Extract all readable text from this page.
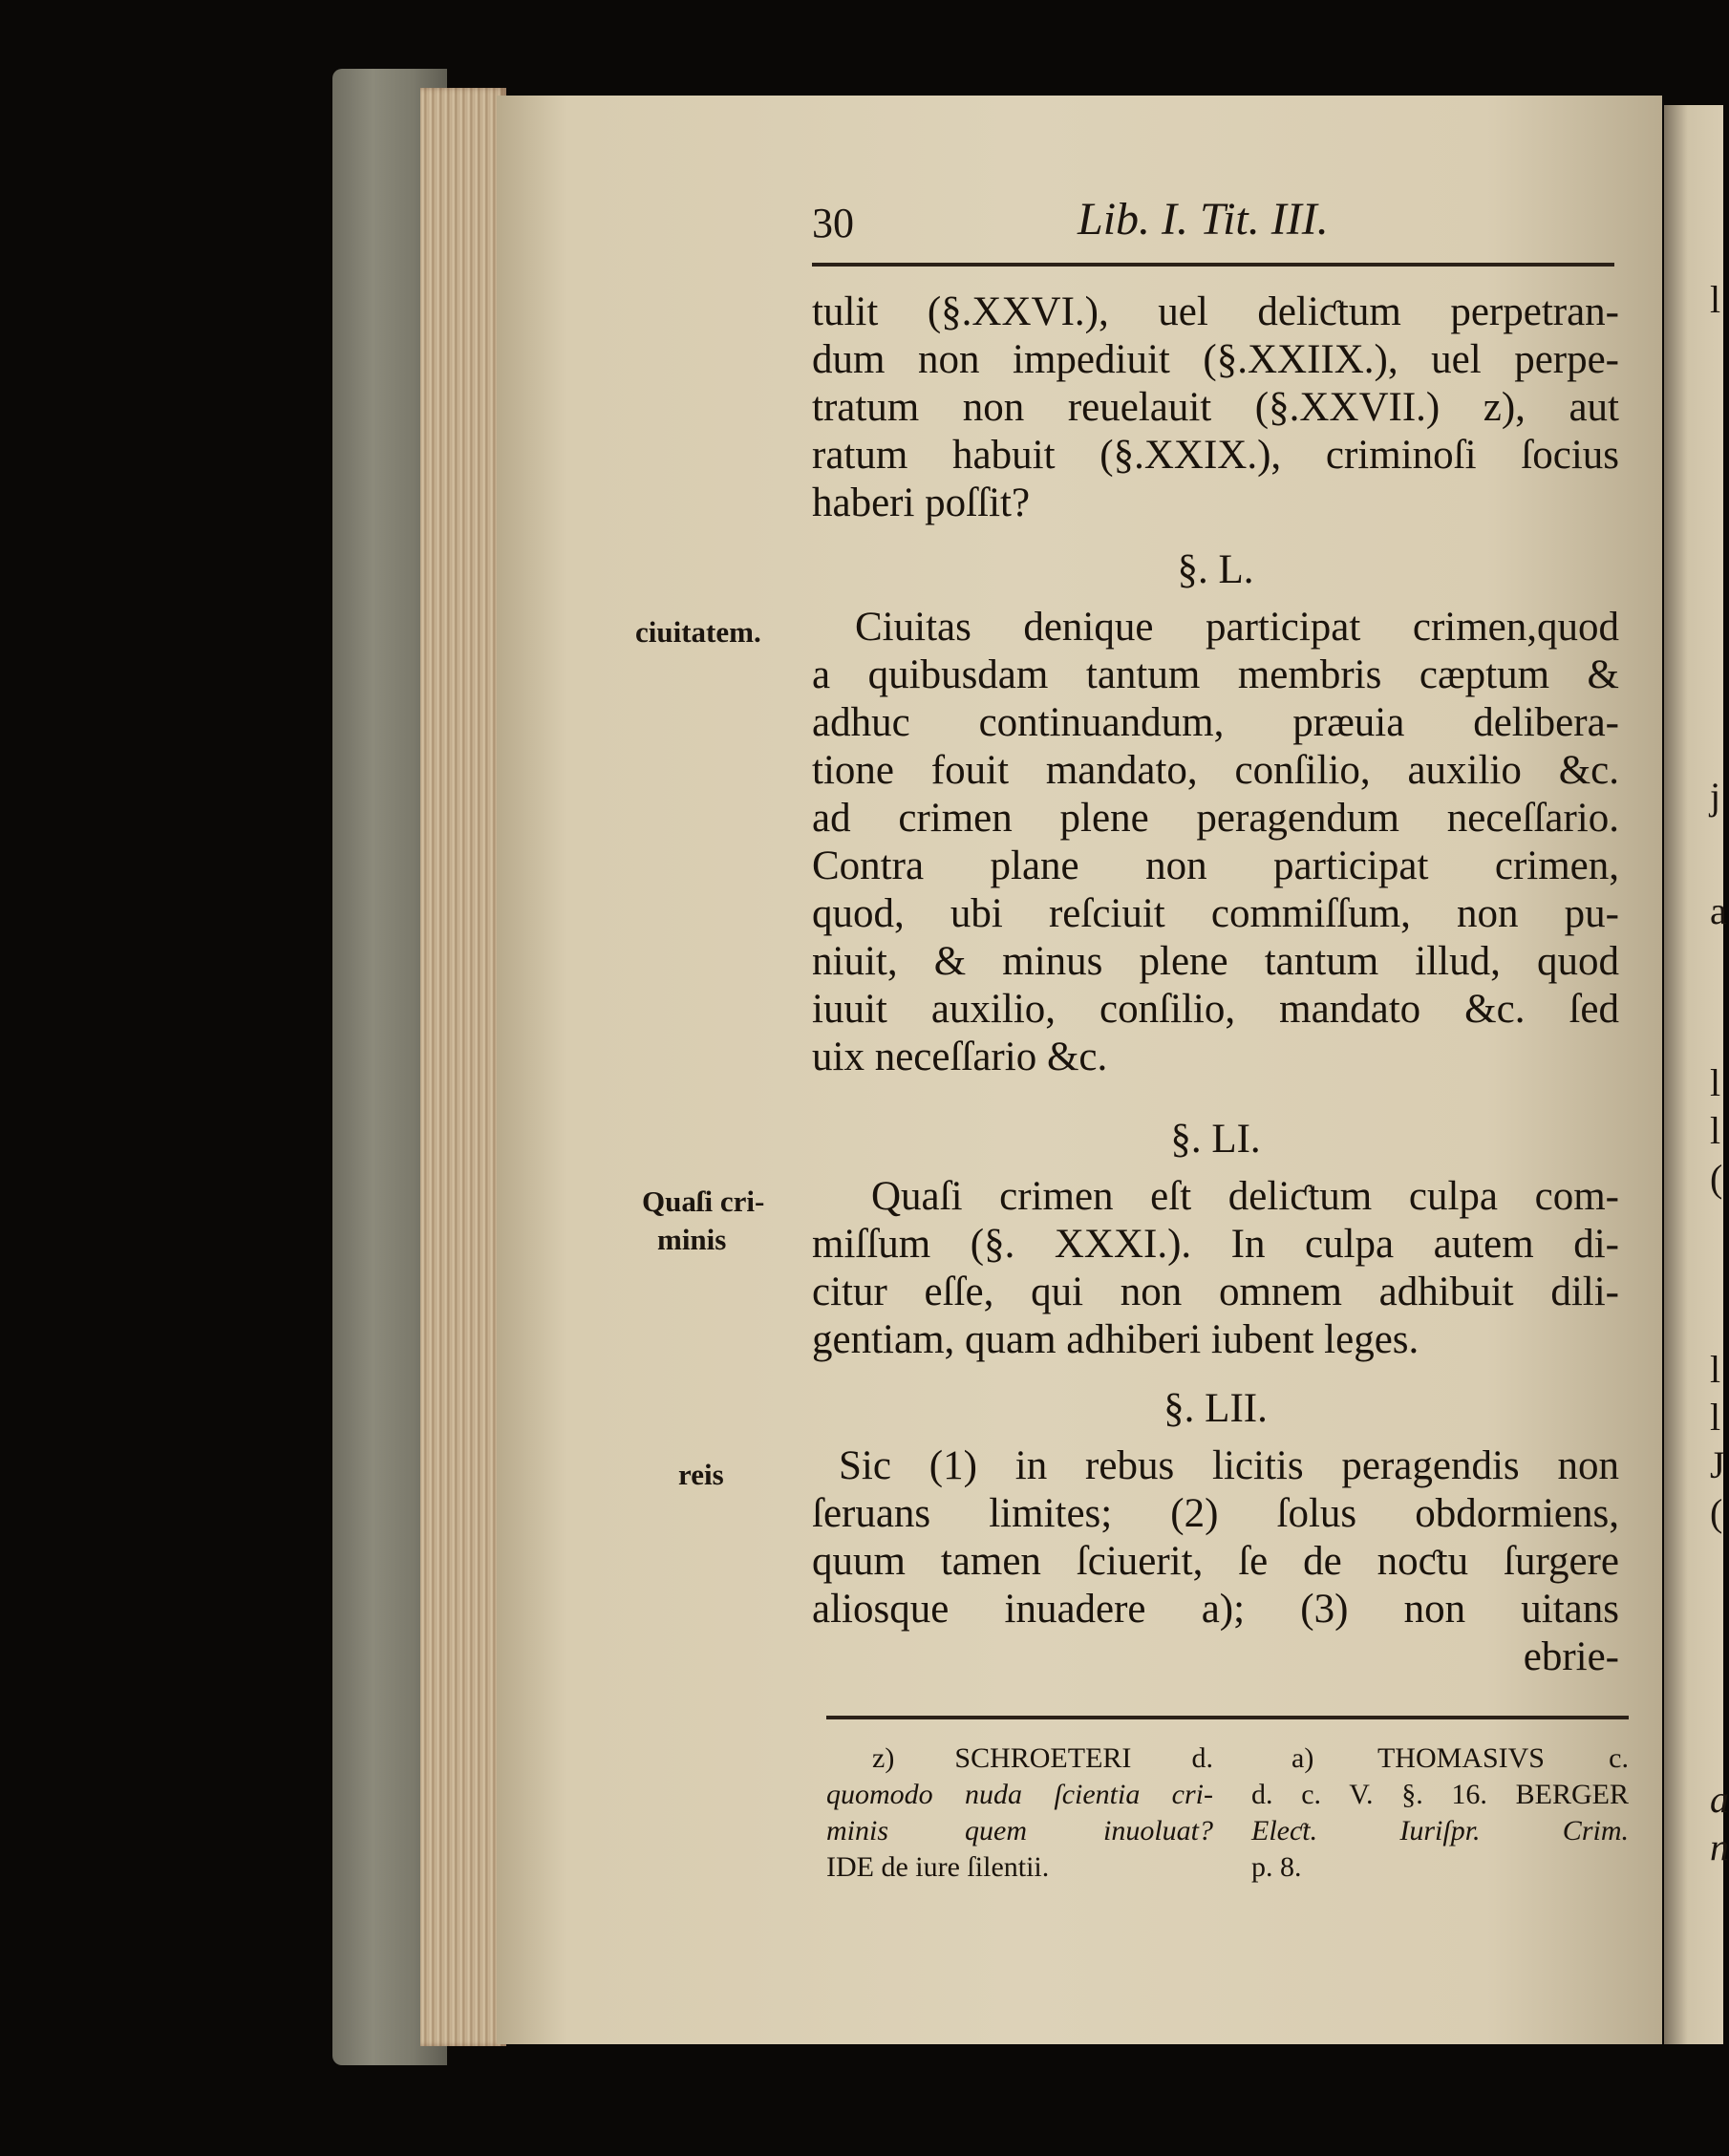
l
j
a
l
l
(
l
l
J
(
a
n
30	Lib. I. Tit. III.
tulit (§.XXVI.), uel deliƈtum perpetran-
dum non impediuit (§.XXIIX.), uel perpe-
tratum non reuelauit (§.XXVII.) z), aut
ratum habuit (§.XXIX.), criminoſi ſocius
haberi poſſit?
§. L.
ciuitatem.	Ciuitas denique participat crimen,quod
a quibusdam tantum membris cæptum &
adhuc continuandum, præuia delibera-
tione fouit mandato, conſilio, auxilio &c.
ad crimen plene peragendum neceſſario.
Contra plane non participat crimen,
quod, ubi reſciuit commiſſum, non pu-
niuit, & minus plene tantum illud, quod
iuuit auxilio, conſilio, mandato &c. ſed
uix neceſſario &c.
§. LI.
Quaſi cri-
minis
Quaſi crimen eſt deliƈtum culpa com-
miſſum (§. XXXI.). In culpa autem di-
citur eſſe, qui non omnem adhibuit dili-
gentiam, quam adhiberi iubent leges.
§. LII.
reis	Sic (1) in rebus licitis peragendis non
ſeruans limites; (2) ſolus obdormiens,
quum tamen ſciuerit, ſe de noƈtu ſurgere
aliosque inuadere a); (3) non uitans
ebrie-
z) SCHROETERI d.
quomodo nuda ſcientia cri-
minis quem inuoluat?
IDE de iure ſilentii.
a) THOMASIVS c.
d. c. V. §. 16. BERGER
Eleƈt. Iuriſpr. Crim.
p. 8.
